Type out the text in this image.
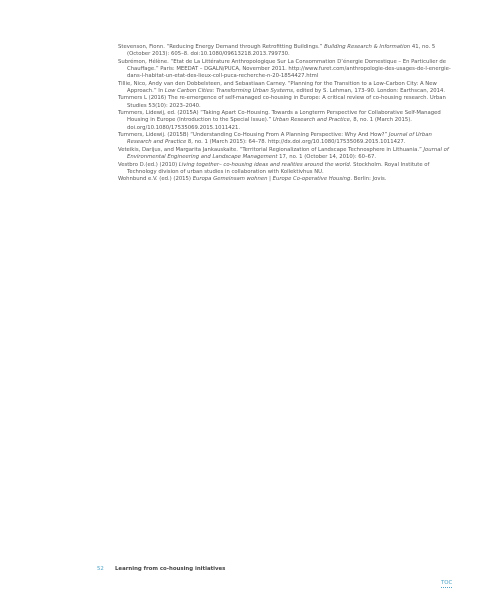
Stevenson, Fionn. “Reducing Energy Demand through Retrofitting Buildings.” Building Research & Information 41, no. 5 (October 2013): 605–8. doi:10.1080/09613218.2013.799730.

Subrémon, Hélène. “Etat de La Littérature Anthropologique Sur La Consommation D’énergie Domestique – En Particulier de Chauffage.” Paris: MEEDAT – DGALN/PUCA, November 2011. http://www.furet.com/anthropologie-des-usages-de-l-energie-dans-l-habitat-un-etat-des-lieux-coll-puca-recherche-n-20-1854427.html

Tillie, Nico, Andy van den Dobbelsteen, and Sebastiaan Carney. “Planning for the Transition to a Low-Carbon City: A New Approach.” In Low Carbon Cities: Transforming Urban Systems, edited by S. Lehman, 173–90. London: Earthscan, 2014.

Tummers L (2016) The re-emergence of self-managed co-housing in Europe: A critical review of co-housing research. Urban Studies 53(10): 2023–2040.

Tummers, Lidewij, ed. (2015A) “Taking Apart Co-Housing. Towards a Longterm Perspective for Collaborative Self-Managed Housing in Europe (Introduction to the Special Issue).” Urban Research and Practice, 8, no. 1 (March 2015). doi.org/10.1080/17535069.2015.1011421.

Tummers, Lidewij. (2015B) “Understanding Co-Housing From A Planning Perspective: Why And How?” Journal of Urban Research and Practice 8, no. 1 (March 2015): 64–78. http://dx.doi.org/10.1080/17535069.2015.1011427.

Veteikis, Darijus, and Margarita Jankauskaite. “Territorial Regionalization of Landscape Technosphere in Lithuania.” Journal of Environmental Engineering and Landscape Management 17, no. 1 (October 14, 2010): 60–67.

Vestbro D.(ed.) (2010) Living together– co-housing ideas and realities around the world. Stockholm. Royal Institute of Technology division of urban studies in collaboration with Kollektivhus NU.

Wohnbund e.V. (ed.) (2015) Europa Gemeinsam wohnen | Europe Co-operative Housing. Berlin: Jovis.

52 Learning from co-housing initiatives
TOC
